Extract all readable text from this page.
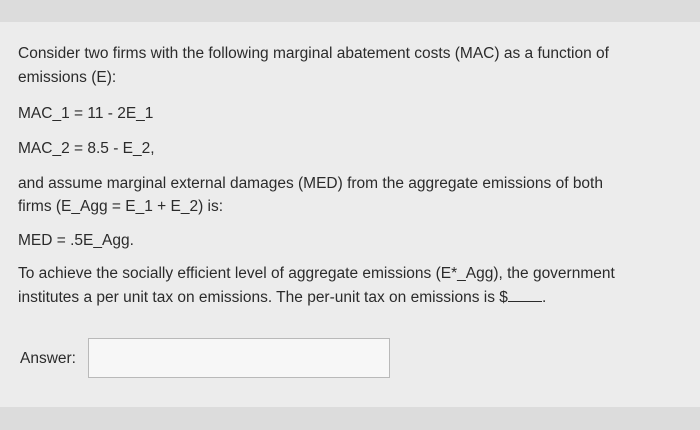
Consider two firms with the following marginal abatement costs (MAC) as a function of
emissions (E):
MAC_1 = 11 - 2E_1
MAC_2 = 8.5 - E_2,
and assume marginal external damages (MED) from the aggregate emissions of both
firms (E_Agg = E_1 + E_2) is:
MED = .5E_Agg.
To achieve the socially efficient level of aggregate emissions (E*_Agg), the government
institutes a per unit tax on emissions. The per-unit tax on emissions is $ .
Answer:
